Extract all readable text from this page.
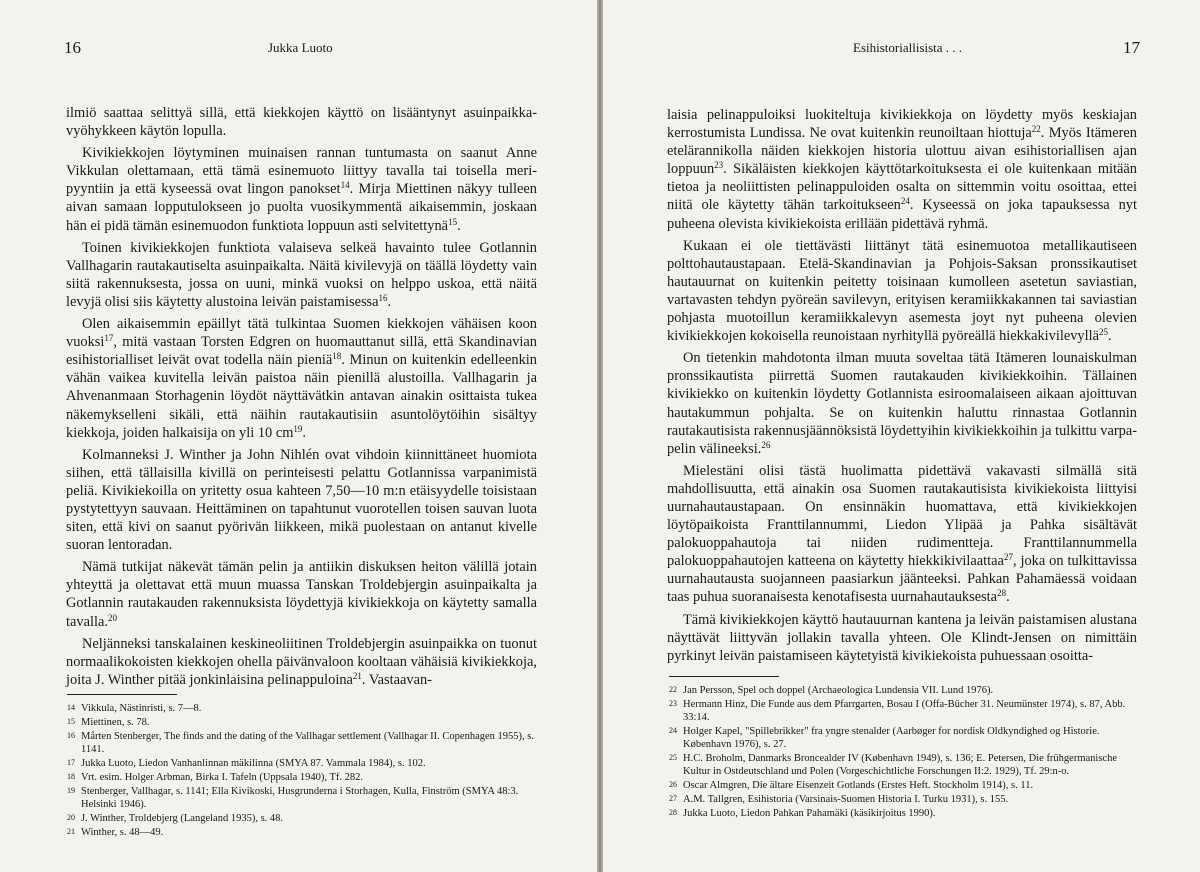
16	Jukka Luoto

ilmiö saattaa selittyä sillä, että kiekkojen käyttö on lisääntynyt asuinpaikka-vyöhykkeen käytön lopulla.

Kivikiekkojen löytyminen muinaisen rannan tuntumasta on saanut Anne Vikkulan olettamaan, että tämä esinemuoto liittyy tavalla tai toisella meri-pyyntiin ja että kyseessä ovat lingon panokset$^{14}$. Mirja Miettinen näkyy tulleen aivan samaan lopputulokseen jo puolta vuosikymmentä aikaisemmin, joskaan hän ei pidä tämän esinemuodon funktiota loppuun asti selvitettynä$^{15}$.

Toinen kivikiekkojen funktiota valaiseva selkeä havainto tulee Gotlannin Vallhagarin rautakautiselta asuinpaikalta. Näitä kivilevyjä on täällä löydetty vain siitä rakennuksesta, jossa on uuni, minkä vuoksi on helppo uskoa, että näitä levyjä olisi siis käytetty alustoina leivän paistamisessa$^{16}$.

Olen aikaisemmin epäillyt tätä tulkintaa Suomen kiekkojen vähäisen koon vuoksi$^{17}$, mitä vastaan Torsten Edgren on huomauttanut sillä, että Skandinavian esihistorialliset leivät ovat todella näin pieniä$^{18}$. Minun on kuitenkin edelleenkin vähän vaikea kuvitella leivän paistoa näin pienillä alustoilla. Vallhagarin ja Ahvenanmaan Storhagenin löydöt näyttävätkin antavan ainakin osittaista tukea näkemykselleni sikäli, että näihin rautakautisiin asuntolöytöihin sisältyy kiekkoja, joiden halkaisija on yli 10 $cm^{19}$.

Kolmanneksi J. Winther ja John Nihlén ovat vihdoin kiinnittäneet huomiota siihen, että tällaisilla kivillä on perinteisesti pelattu Gotlannissa varpanimistä peliä. Kivikiekoilla on yritetty osua kahteen 7,50—10 m:n etäisyydelle toisistaan pystytettyyn sauvaan. Heittäminen on tapahtunut vuorotellen toisen sauvan luota siten, että kivi on saanut pyörivän liikkeen, mikä puolestaan on antanut kivelle suoran lentoradan.

Nämä tutkijat näkevät tämän pelin ja antiikin diskuksen heiton välillä jotain yhteyttä ja olettavat että muun muassa Tanskan Troldebjergin asuinpaikalta ja Gotlannin rautakauden rakennuksista löydettyjä kivikiekkoja on käytetty samalla tavalla.$^{20}$

Neljänneksi tanskalainen keskineoliitinen Troldebjergin asuinpaikka on tuonut normaalikokoisten kiekkojen ohella päivänvaloon kooltaan vähäisiä kivikiekkoja, joita J. Winther pitää jonkinlaisina pelinappuloina$^{21}$. Vastaavan-

14 Vikkula, Nästinristi, s. 7—8.
15 Miettinen, s. 78.
16 Mårten Stenberger, The finds and the dating of the Vallhagar settlement (Vallhagar II. Copenhagen 1955), s. 1141.
17 Jukka Luoto, Liedon Vanhanlinnan mäkilinna (SMYA 87. Vammala 1984), s. 102.
18 Vrt. esim. Holger Arbman, Birka I. Tafeln (Uppsala 1940), Tf. 282.
19 Stenberger, Vallhagar, s. 1141; Ella Kivikoski, Husgrunderna i Storhagen, Kulla, Finström (SMYA 48:3. Helsinki 1946).
20 J. Winther, Troldebjerg (Langeland 1935), s. 48.
21 Winther, s. 48—49.
Esihistoriallisista . . .	17

laisia pelinappuloiksi luokiteltuja kivikiekkoja on löydetty myös keskiajan kerrostumista Lundissa. Ne ovat kuitenkin reunoiltaan hiottuja$^{22}$. Myös Itämeren etelärannikolla näiden kiekkojen historia ulottuu aivan esihistoriallisen ajan loppuun$^{23}$. Sikäläisten kiekkojen käyttötarkoituksesta ei ole kuitenkaan mitään tietoa ja neoliittisten pelinappuloiden osalta on sittemmin voitu osoittaa, ettei niitä ole käytetty tähän tarkoitukseen$^{24}$. Kyseessä on joka tapauksessa nyt puheena olevista kivikiekoista erillään pidettävä ryhmä.

Kukaan ei ole tiettävästi liittänyt tätä esinemuotoa metallikautiseen polttohautaustapaan. Etelä-Skandinavian ja Pohjois-Saksan pronssikautiset hautauurnat on kuitenkin peitetty toisinaan kumolleen asetetun saviastian, vartavasten tehdyn pyöreän savilevyn, erityisen keramiikkakannen tai saviastian pohjasta muotoillun keramiikkalevyn asemesta joyt nyt puheena olevien kivikiekkojen kokoisella reunoistaan nyrhityllä pyöreällä hiekkakivilevyllä$^{25}$.

On tietenkin mahdotonta ilman muuta soveltaa tätä Itämeren lounaiskulman pronssikautista piirrettä Suomen rautakauden kivikiekkoihin. Tällainen kivikiekko on kuitenkin löydetty Gotlannista esiroomalaiseen aikaan ajoittuvan hautakummun pohjalta. Se on kuitenkin haluttu rinnastaa Gotlannin rautakautisista rakennusjäännöksistä löydettyihin kivikiekkoihin ja tulkittu varpa-pelin välineeksi.$^{26}$

Mielestäni olisi tästä huolimatta pidettävä vakavasti silmällä sitä mahdollisuutta, että ainakin osa Suomen rautakautisista kivikiekoista liittyisi uurnahautaustapaan. On ensinnäkin huomattava, että kivikiekkojen löytöpaikoista Franttilannummi, Liedon Ylipää ja Pahka sisältävät palokuoppahautoja tai niiden rudimentteja. Franttilannummella palokuoppahautojen katteena on käytetty hiekkikivilaattaa$^{27}$, joka on tulkittavissa uurnahautausta suojanneen paasiarkun jäänteeksi. Pahkan Pahamäessä voidaan taas puhua suoranaisesta kenotafisesta uurnahautauksesta$^{28}$.

Tämä kivikiekkojen käyttö hautauurnan kantena ja leivän paistamisen alustana näyttävät liittyvän jollakin tavalla yhteen. Ole Klindt-Jensen on nimittäin pyrkinyt leivän paistamiseen käytetyistä kivikiekoista puhuessaan osoitta-

22 Jan Persson, Spel och doppel (Archaeologica Lundensia VII. Lund 1976).
23 Hermann Hinz, Die Funde aus dem Pfarrgarten, Bosau I (Offa-Bücher 31. Neumünster 1974), s. 87, Abb. 33:14.
24 Holger Kapel, "Spillebrikker" fra yngre stenalder (Aarbøger for nordisk Oldkyndighed og Historie. København 1976), s. 27.
25 H.C. Broholm, Danmarks Broncealder IV (København 1949), s. 136; E. Petersen, Die frühgermanische Kultur in Ostdeutschland und Polen (Vorgeschichtliche Forschungen II:2. 1929), Tf. 29:n-o.
26 Oscar Almgren, Die ältare Eisenzeit Gotlands (Erstes Heft. Stockholm 1914), s. 11.
27 A.M. Tallgren, Esihistoria (Varsinais-Suomen Historia I. Turku 1931), s. 155.
28 Jukka Luoto, Liedon Pahkan Pahamäki (käsikirjoitus 1990).
